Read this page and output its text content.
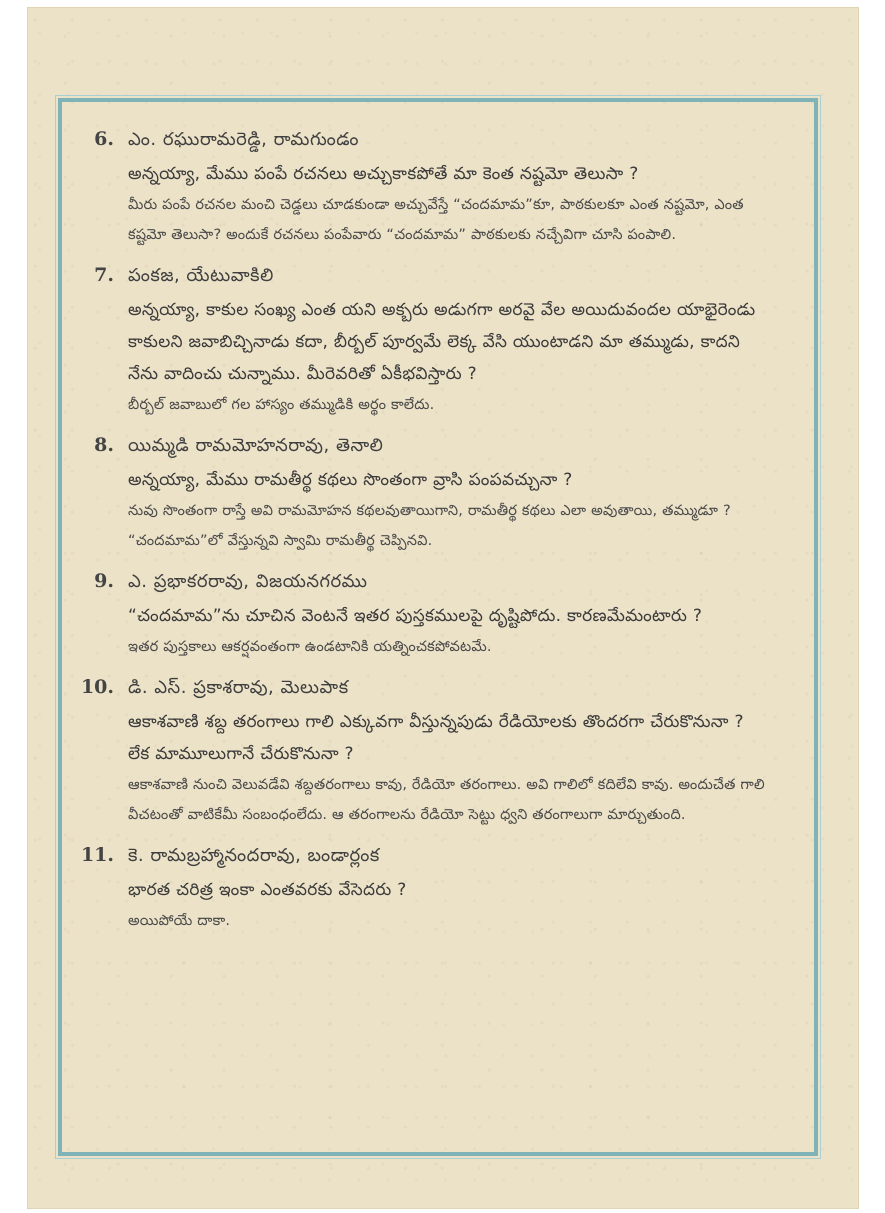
6. ఎం. రఘురామరెడ్డి, రామగుండం
అన్నయ్యా, మేము పంపే రచనలు అచ్చుకాకపోతే మా కెంత నష్టమో తెలుసా ?
మీరు పంపే రచనల మంచి చెడ్డలు చూడకుండా అచ్చువేస్తే “చందమామ”కూ, పాఠకులకూ ఎంత నష్టమో, ఎంత కష్టమో తెలుసా? అందుకే రచనలు పంపేవారు “చందమామ” పాఠకులకు నచ్చేవిగా చూసి పంపాలి.
7. పంకజ, యేటువాకిలి
అన్నయ్యా, కాకుల సంఖ్య ఎంత యని అక్బరు అడుగగా అరవై వేల అయిదువందల యాభైరెండు కాకులని జవాబిచ్చినాడు కదా, బీర్బల్ పూర్వమే లెక్క వేసి యుంటాడని మా తమ్ముడు, కాదని నేను వాదించు చున్నాము. మీరెవరితో ఏకీభవిస్తారు ?
బీర్బల్ జవాబులో గల హాస్యం తమ్ముడికి అర్థం కాలేదు.
8. యిమ్మడి రామమోహనరావు, తెనాలి
అన్నయ్యా, మేము రామతీర్థ కథలు సొంతంగా వ్రాసి పంపవచ్చునా ?
నువు సొంతంగా రాస్తే అవి రామమోహన కథలవుతాయిగాని, రామతీర్థ కథలు ఎలా అవుతాయి, తమ్ముడూ ? “చందమామ”లో వేస్తున్నవి స్వామి రామతీర్థ చెప్పినవి.
9. ఎ. ప్రభాకరరావు, విజయనగరము
“చందమామ”ను చూచిన వెంటనే ఇతర పుస్తకములపై దృష్టిపోదు. కారణమేమంటారు ?
ఇతర పుస్తకాలు ఆకర్షవంతంగా ఉండటానికి యత్నించకపోవటమే.
10. డి. ఎస్. ప్రకాశరావు, మెలుపాక
ఆకాశవాణి శబ్ద తరంగాలు గాలి ఎక్కువగా వీస్తున్నపుడు రేడియోలకు తొందరగా చేరుకొనునా ? లేక మామూలుగానే చేరుకొనునా ?
ఆకాశవాణి నుంచి వెలువడేవి శబ్దతరంగాలు కావు, రేడియో తరంగాలు. అవి గాలిలో కదిలేవి కావు. అందుచేత గాలి వీచటంతో వాటికేమీ సంబంధంలేదు. ఆ తరంగాలను రేడియో సెట్టు ధ్వని తరంగాలుగా మార్చుతుంది.
11. కె. రామబ్రహ్మానందరావు, బండార్లంక
భారత చరిత్ర ఇంకా ఎంతవరకు వేసెదరు ?
అయిపోయే దాకా.
